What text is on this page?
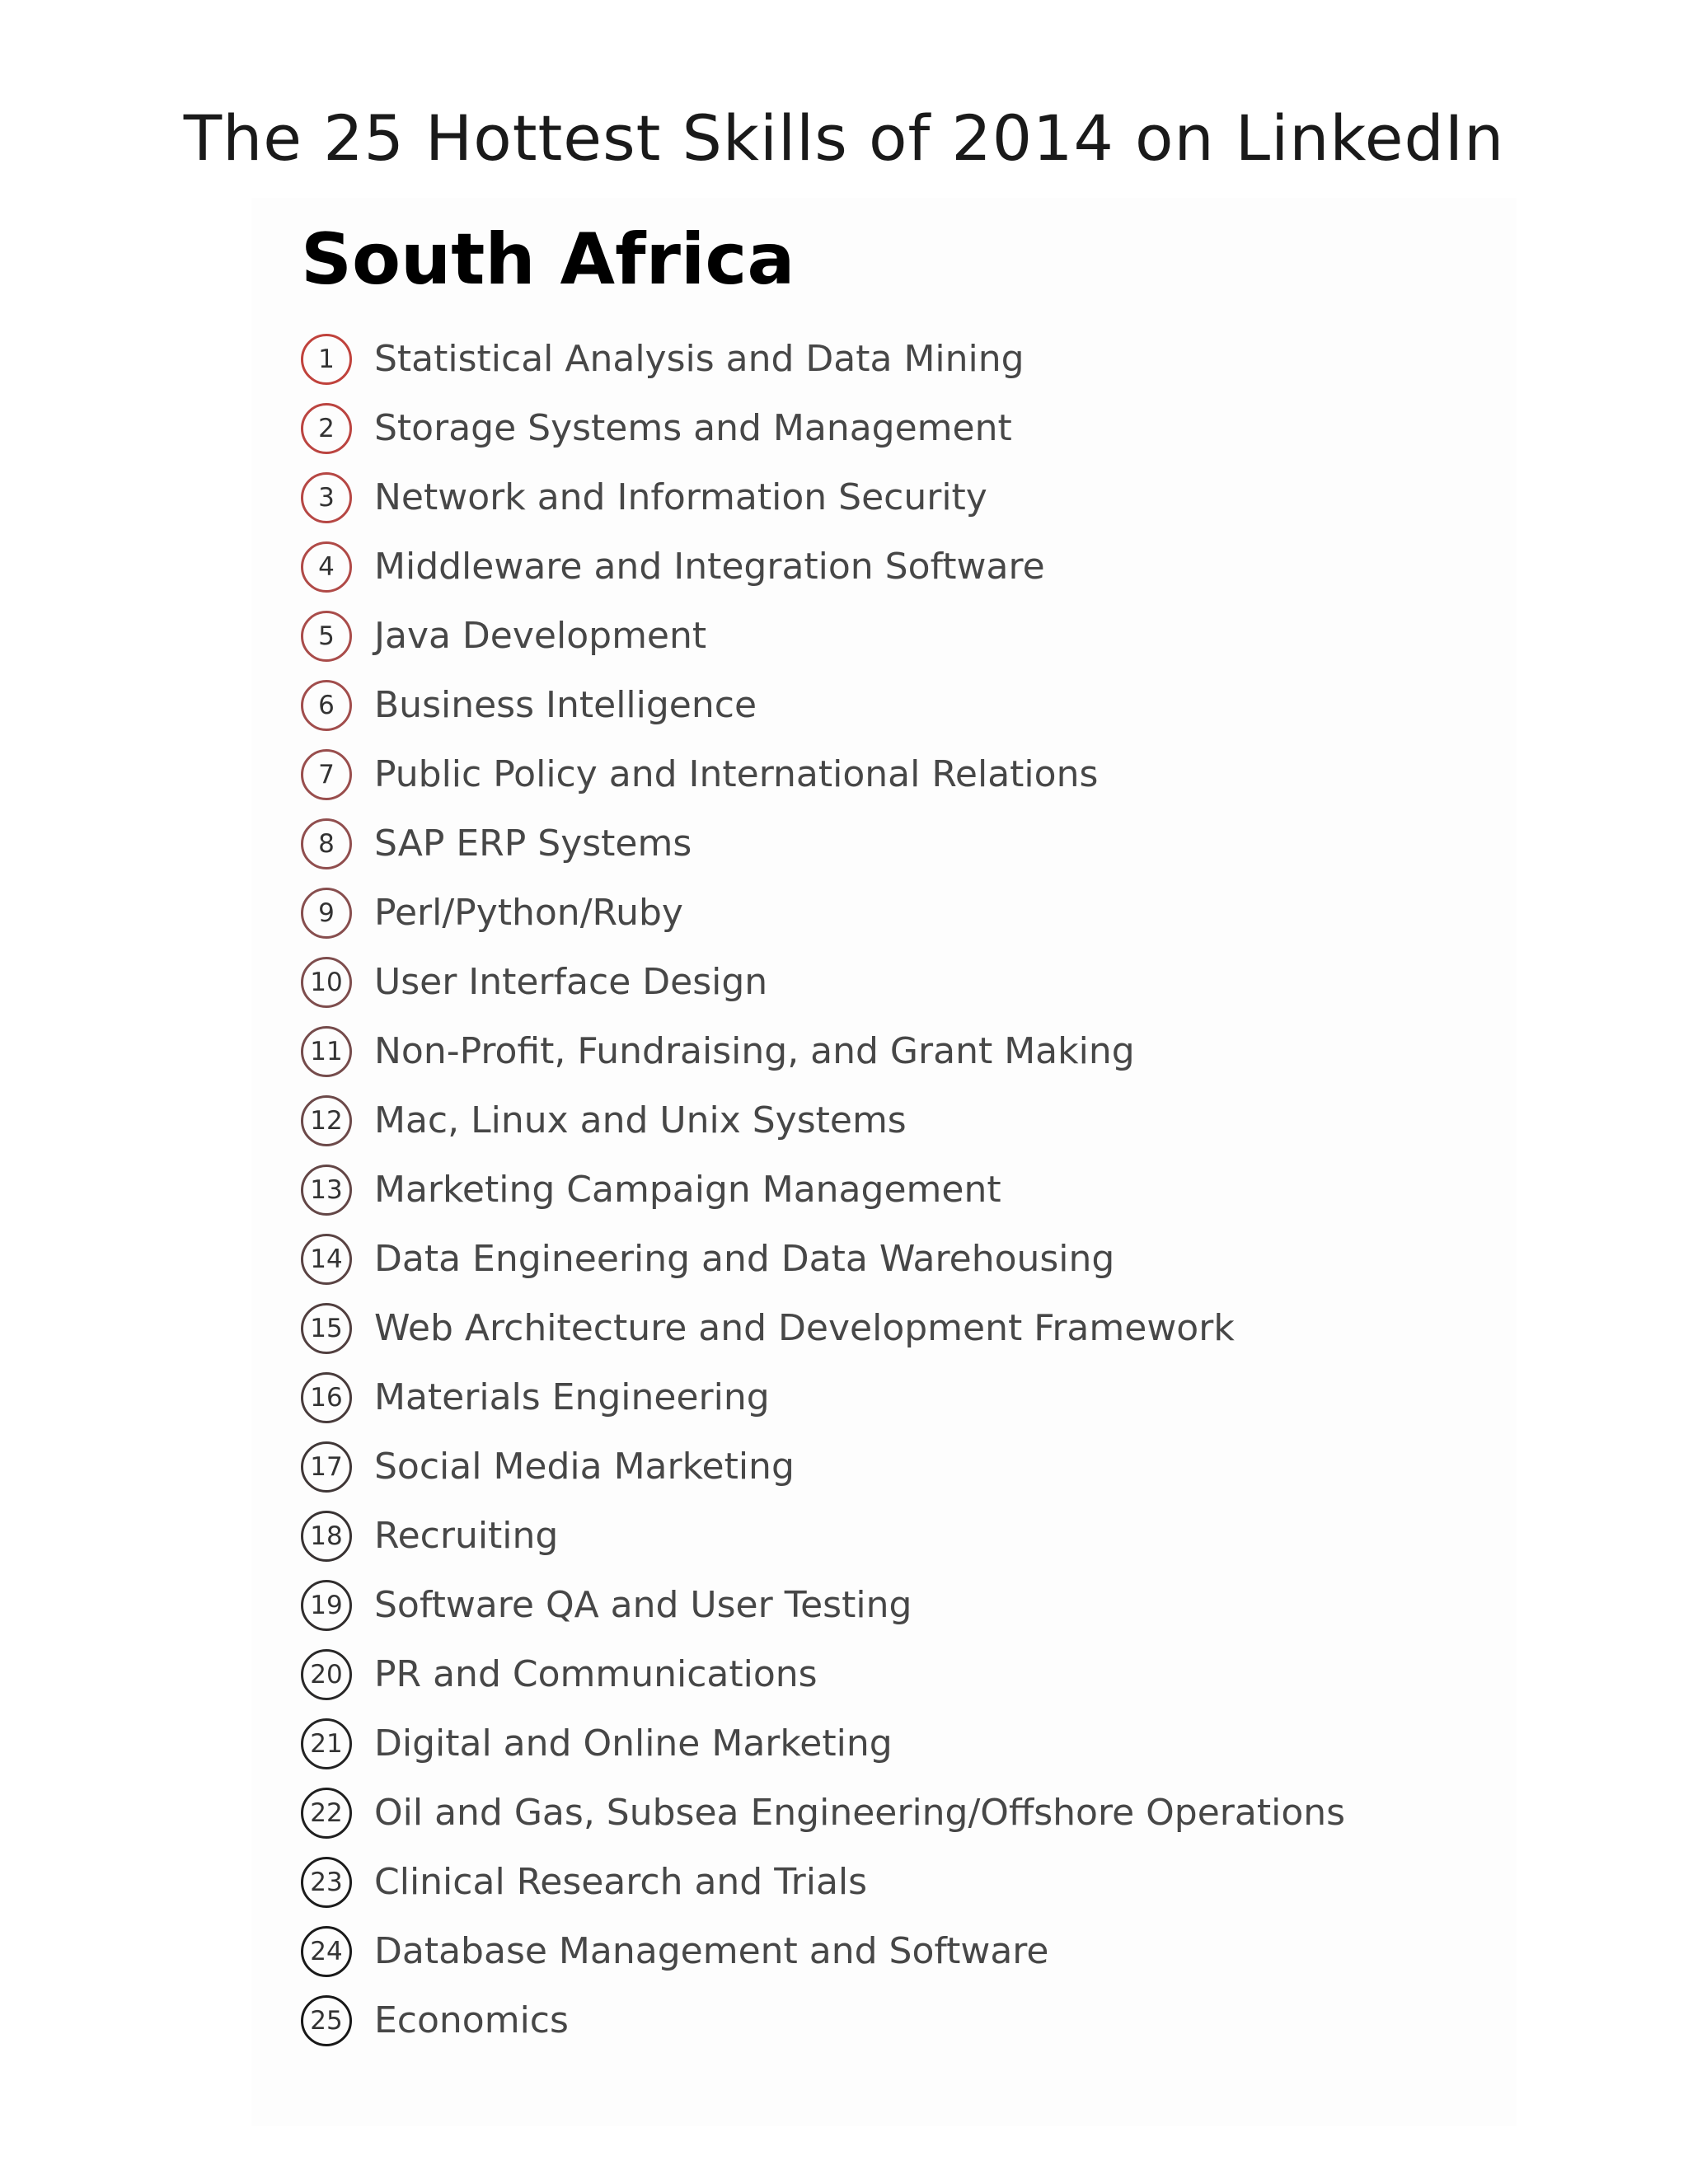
The 25 Hottest Skills of 2014 on LinkedIn
South Africa
1	Statistical Analysis and Data Mining
2	Storage Systems and Management
3	Network and Information Security
4	Middleware and Integration Software
5	Java Development
6	Business Intelligence
7	Public Policy and International Relations
8	SAP ERP Systems
9	Perl/Python/Ruby
10 User Interface Design
11 Non-Profit, Fundraising, and Grant Making
12 Mac, Linux and Unix Systems
13 Marketing Campaign Management
14 Data Engineering and Data Warehousing
15 Web Architecture and Development Framework
16 Materials Engineering
17 Social Media Marketing
18 Recruiting
19 Software QA and User Testing
20 PR and Communications
21 Digital and Online Marketing
22 Oil and Gas, Subsea Engineering/Offshore Operations
23 Clinical Research and Trials
24 Database Management and Software
25 Economics
